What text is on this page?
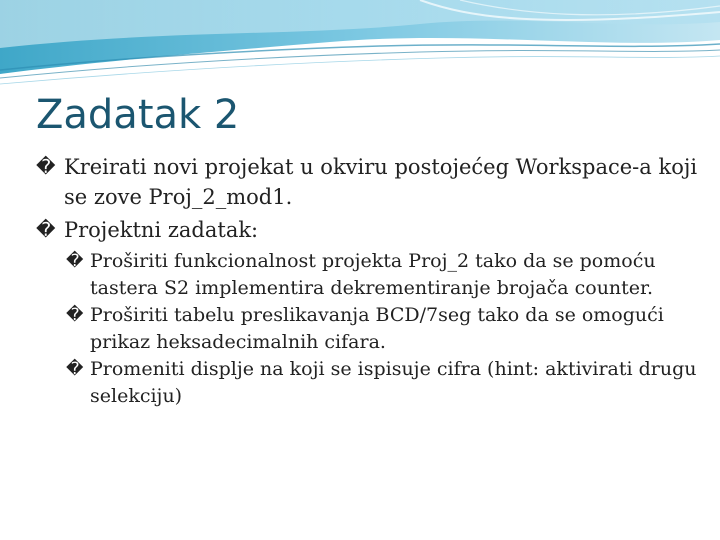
Zadatak 2

� Kreirati novi projekat u okviru postojećeg Workspace-a koji se zove Proj_2_mod1.

� Projektni zadatak:

� Proširiti funkcionalnost projekta Proj_2 tako da se pomoću tastera S2 implementira dekrementiranje brojača counter.

� Proširiti tabelu preslikavanja BCD/7seg tako da se omogući prikaz heksadecimalnih cifara.

� Promeniti displje na koji se ispisuje cifra (hint: aktivirati drugu selekciju)
